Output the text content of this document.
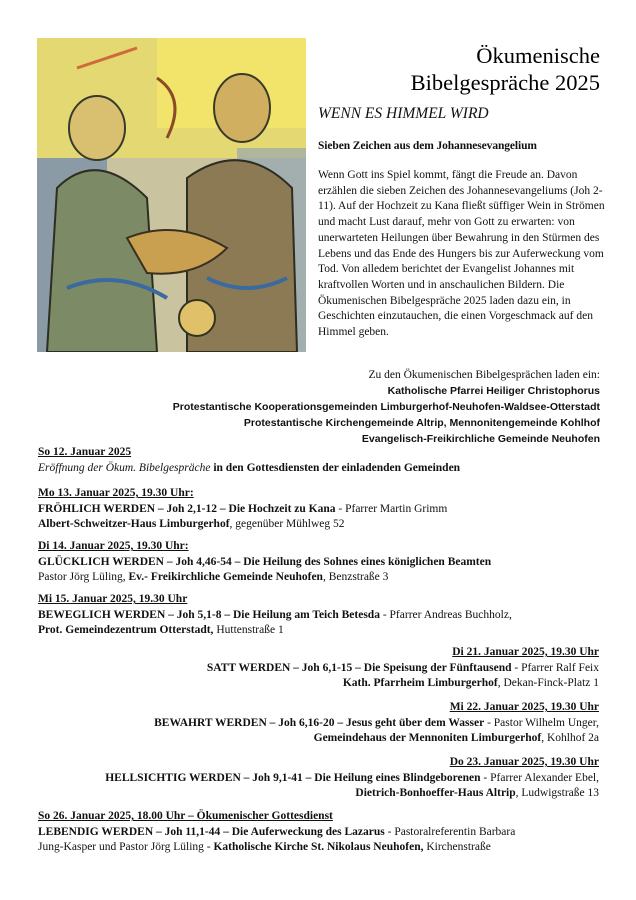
Ökumenische
Bibelgespräche 2025
WENN ES HIMMEL WIRD
Sieben Zeichen aus dem Johannesevangelium
Wenn Gott ins Spiel kommt, fängt die Freude an. Davon erzählen die sieben Zeichen des Johannesevangeliums (Joh 2-11). Auf der Hochzeit zu Kana fließt süffiger Wein in Strömen und macht Lust darauf, mehr von Gott zu erwarten: von unerwarteten Heilungen über Bewahrung in den Stürmen des Lebens und das Ende des Hungers bis zur Auferweckung vom Tod. Von alledem berichtet der Evangelist Johannes mit kraftvollen Worten und in anschaulichen Bildern. Die Ökumenischen Bibelgespräche 2025 laden dazu ein, in Geschichten einzutauchen, die einen Vorgeschmack auf den Himmel geben.
Zu den Ökumenischen Bibelgesprächen laden ein:
Katholische Pfarrei Heiliger Christophorus
Protestantische Kooperationsgemeinden Limburgerhof-Neuhofen-Waldsee-Otterstadt
Protestantische Kirchengemeinde Altrip, Mennonitengemeinde Kohlhof
Evangelisch-Freikirchliche Gemeinde Neuhofen
So 12. Januar 2025
Eröffnung der Ökum. Bibelgespräche in den Gottesdiensten der einladenden Gemeinden
Mo 13. Januar 2025, 19.30 Uhr:
FRÖHLICH WERDEN – Joh 2,1-12 – Die Hochzeit zu Kana - Pfarrer Martin Grimm
Albert-Schweitzer-Haus Limburgerhof, gegenüber Mühlweg 52
Di 14. Januar 2025, 19.30 Uhr:
GLÜCKLICH WERDEN – Joh 4,46-54 – Die Heilung des Sohnes eines königlichen Beamten
Pastor Jörg Lüling, Ev.- Freikirchliche Gemeinde Neuhofen, Benzstraße 3
Mi 15. Januar 2025, 19.30 Uhr
BEWEGLICH WERDEN – Joh 5,1-8 – Die Heilung am Teich Betesda - Pfarrer Andreas Buchholz,
Prot. Gemeindezentrum Otterstadt, Huttenstraße 1
Di 21. Januar 2025, 19.30 Uhr
SATT WERDEN – Joh 6,1-15 – Die Speisung der Fünftausend - Pfarrer Ralf Feix
Kath. Pfarrheim Limburgerhof, Dekan-Finck-Platz 1
Mi 22. Januar 2025, 19.30 Uhr
BEWAHRT WERDEN – Joh 6,16-20 – Jesus geht über dem Wasser - Pastor Wilhelm Unger,
Gemeindehaus der Mennoniten Limburgerhof, Kohlhof 2a
Do 23. Januar 2025, 19.30 Uhr
HELLSICHTIG WERDEN – Joh 9,1-41 – Die Heilung eines Blindgeborenen - Pfarrer Alexander Ebel,
Dietrich-Bonhoeffer-Haus Altrip, Ludwigstraße 13
So 26. Januar 2025, 18.00 Uhr – Ökumenischer Gottesdienst
LEBENDIG WERDEN – Joh 11,1-44 – Die Auferweckung des Lazarus - Pastoralreferentin Barbara
Jung-Kasper und Pastor Jörg Lüling - Katholische Kirche St. Nikolaus Neuhofen, Kirchenstraße
